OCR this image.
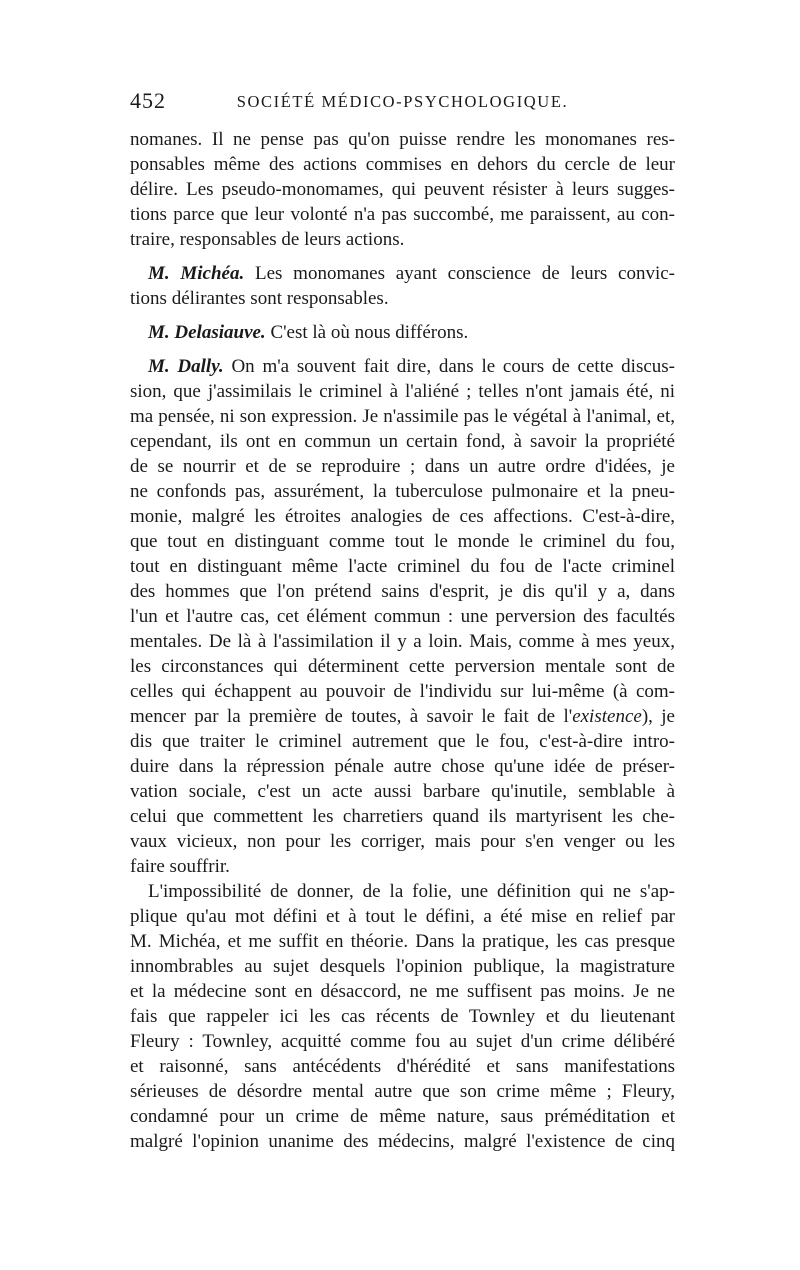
452	SOCIÉTÉ MÉDICO-PSYCHOLOGIQUE.
nomanes. Il ne pense pas qu'on puisse rendre les monomanes res-
ponsables même des actions commises en dehors du cercle de leur
délire. Les pseudo-monomames, qui peuvent résister à leurs sugges-
tions parce que leur volonté n'a pas succombé, me paraissent, au con-
traire, responsables de leurs actions.
M. Michéa. Les monomanes ayant conscience de leurs convic-
tions délirantes sont responsables.
M. Delasiauve. C'est là où nous différons.
M. Dally. On m'a souvent fait dire, dans le cours de cette discus-
sion, que j'assimilais le criminel à l'aliéné ; telles n'ont jamais été, ni
ma pensée, ni son expression. Je n'assimile pas le végétal à l'animal, et,
cependant, ils ont en commun un certain fond, à savoir la propriété
de se nourrir et de se reproduire ; dans un autre ordre d'idées, je
ne confonds pas, assurément, la tuberculose pulmonaire et la pneu-
monie, malgré les étroites analogies de ces affections. C'est-à-dire,
que tout en distinguant comme tout le monde le criminel du fou,
tout en distinguant même l'acte criminel du fou de l'acte criminel
des hommes que l'on prétend sains d'esprit, je dis qu'il y a, dans
l'un et l'autre cas, cet élément commun : une perversion des facultés
mentales. De là à l'assimilation il y a loin. Mais, comme à mes yeux,
les circonstances qui déterminent cette perversion mentale sont de
celles qui échappent au pouvoir de l'individu sur lui-même (à com-
mencer par la première de toutes, à savoir le fait de l'existence), je
dis que traiter le criminel autrement que le fou, c'est-à-dire intro-
duire dans la répression pénale autre chose qu'une idée de préser-
vation sociale, c'est un acte aussi barbare qu'inutile, semblable à
celui que commettent les charretiers quand ils martyrisent les che-
vaux vicieux, non pour les corriger, mais pour s'en venger ou les
faire souffrir.
L'impossibilité de donner, de la folie, une définition qui ne s'ap-
plique qu'au mot défini et à tout le défini, a été mise en relief par
M. Michéa, et me suffit en théorie. Dans la pratique, les cas presque
innombrables au sujet desquels l'opinion publique, la magistrature
et la médecine sont en désaccord, ne me suffisent pas moins. Je ne
fais que rappeler ici les cas récents de Townley et du lieutenant
Fleury : Townley, acquitté comme fou au sujet d'un crime délibéré
et raisonné, sans antécédents d'hérédité et sans manifestations
sérieuses de désordre mental autre que son crime même ; Fleury,
condamné pour un crime de même nature, saus préméditation et
malgré l'opinion unanime des médecins, malgré l'existence de cinq
